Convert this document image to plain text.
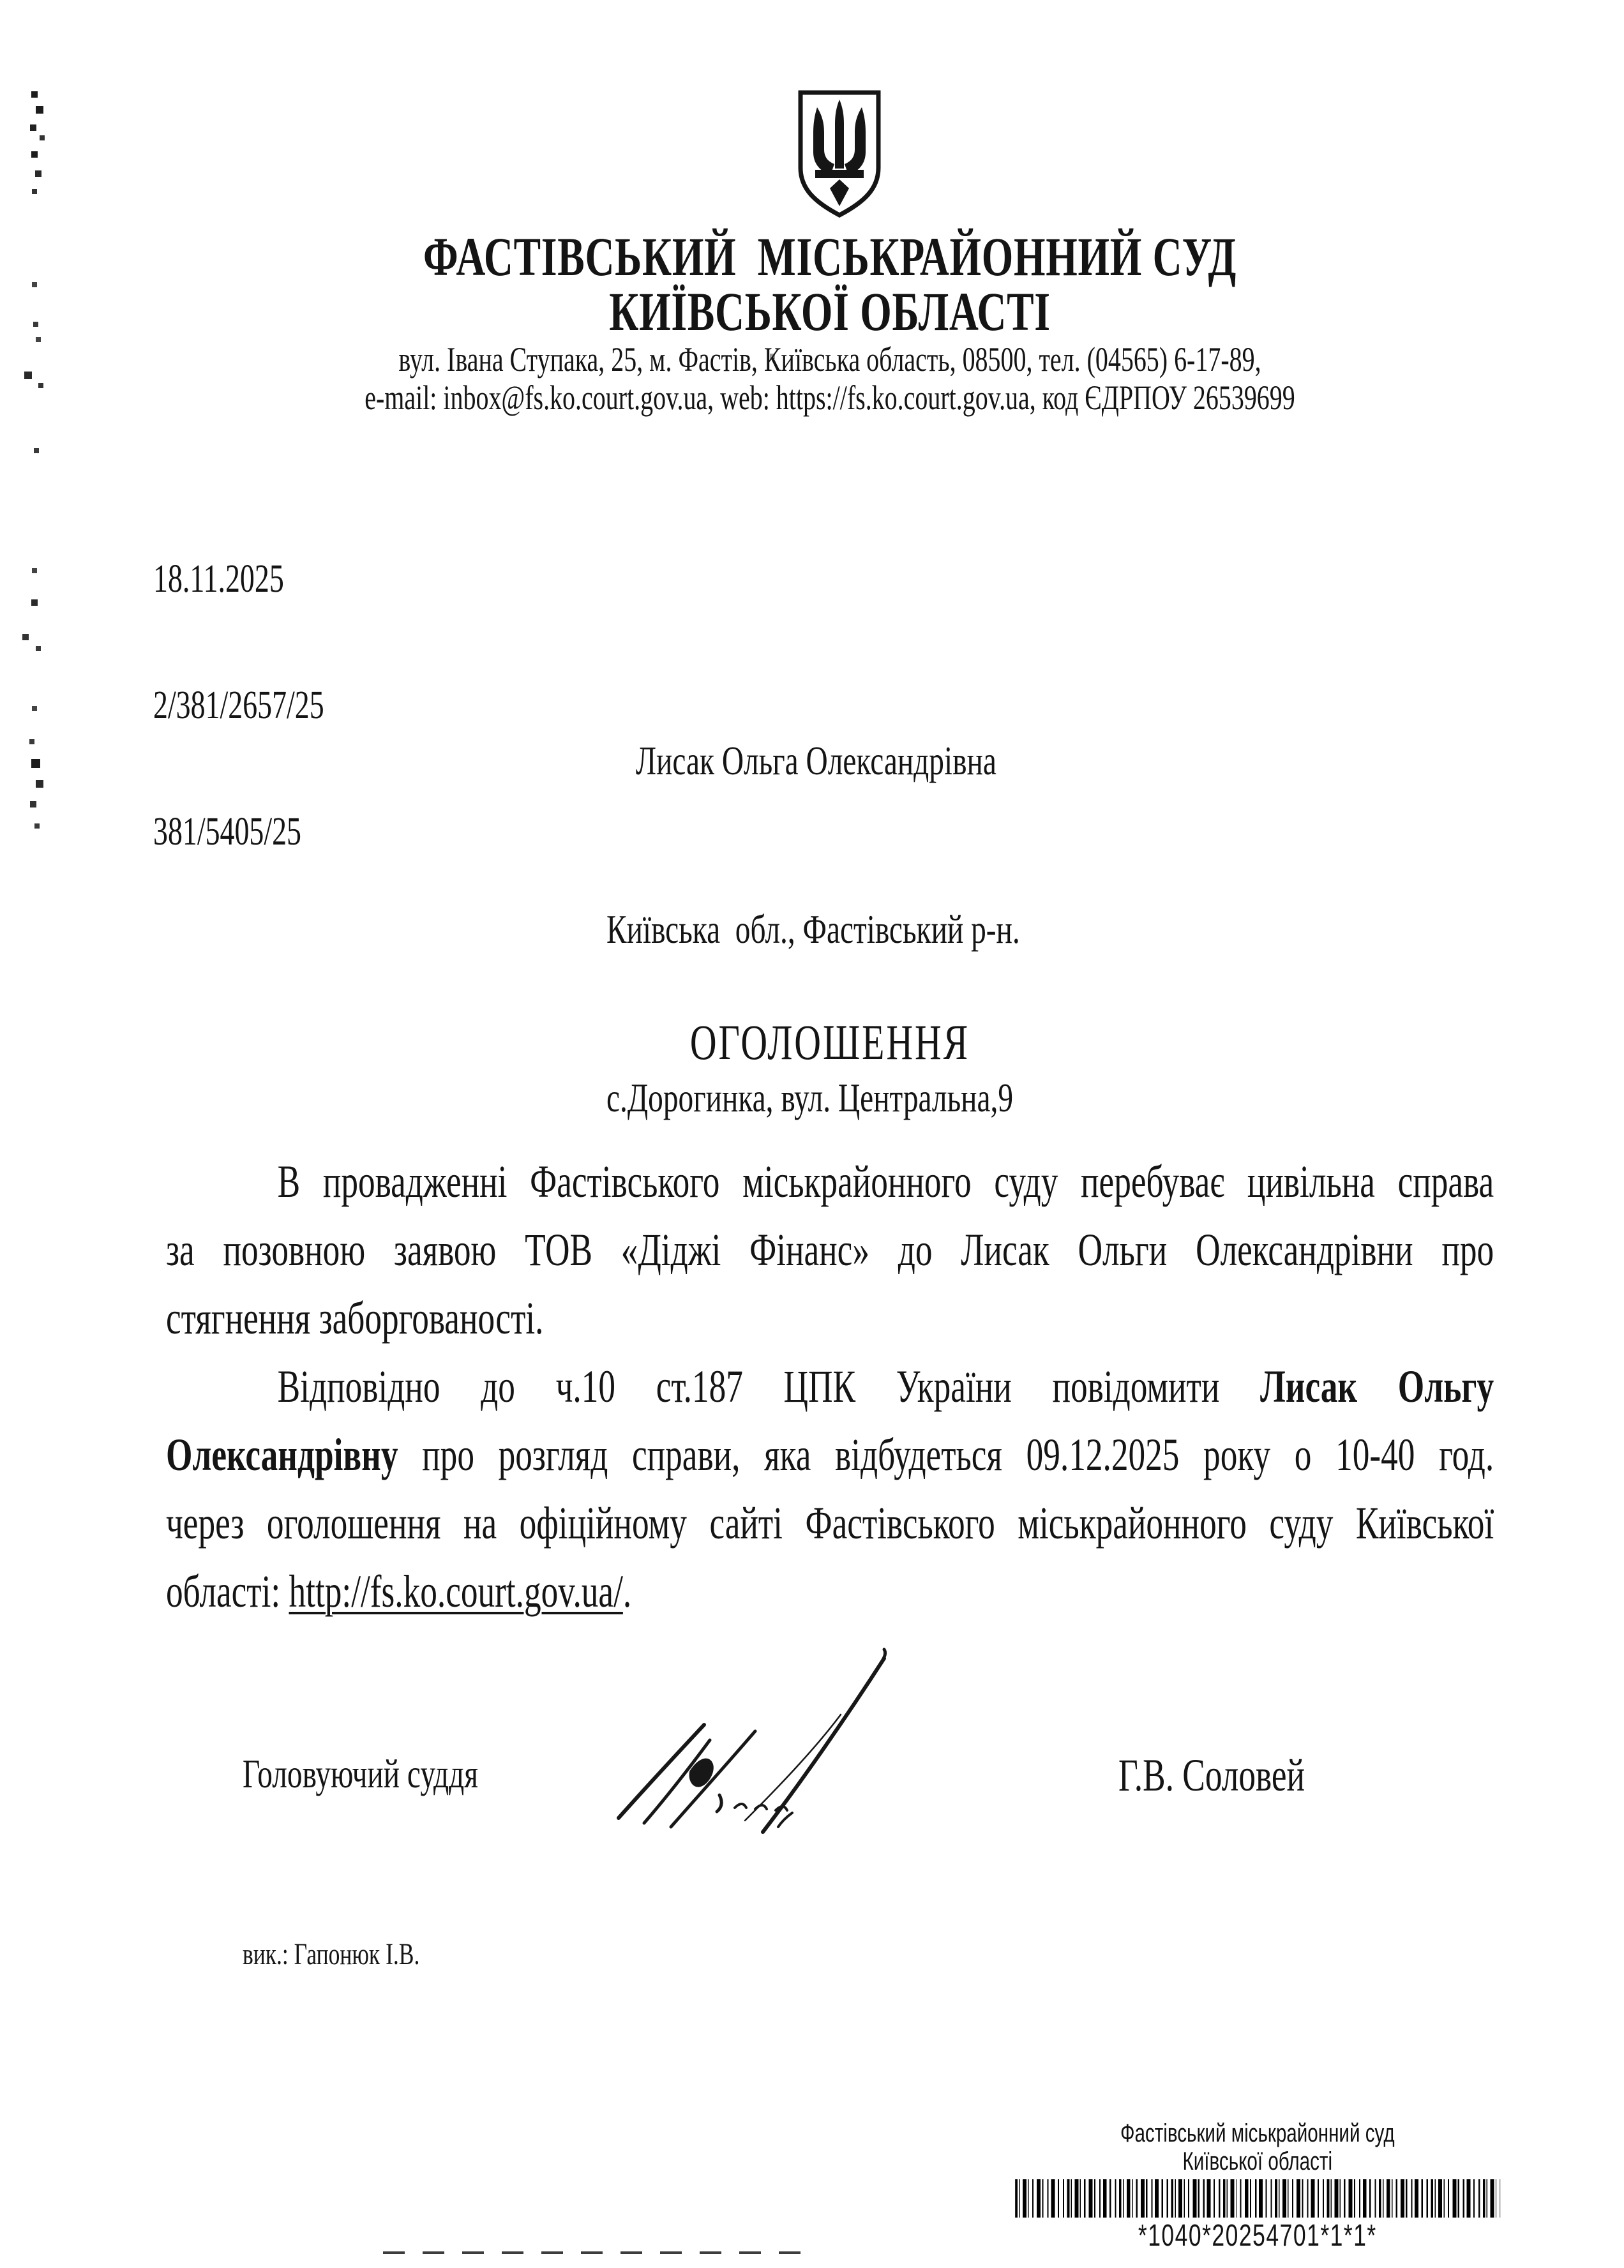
ФАСТІВСЬКИЙ  МІСЬКРАЙОННИЙ СУД
КИЇВСЬКОЇ ОБЛАСТІ
вул. Івана Ступака, 25, м. Фастів, Київська область, 08500, тел. (04565) 6-17-89,
e-mail: inbox@fs.ko.court.gov.ua, web: https://fs.ko.court.gov.ua, код ЄДРПОУ 26539699

18.11.2025

2/381/2657/25

381/5405/25

Лисак Ольга Олександрівна

Київська  обл., Фастівський р-н.

с.Дорогинка, вул. Центральна,9

ОГОЛОШЕННЯ
В провадженні Фастівського міськрайонного суду перебуває цивільна справа
за позовною заявою ТОВ «Діджі Фінанс» до Лисак Ольги Олександрівни про
стягнення заборгованості.
Відповідно до ч.10 ст.187 ЦПК України повідомити Лисак Ольгу
Олександрівну про розгляд справи, яка відбудеться 09.12.2025 року о 10-40 год.
через оголошення на офіційному сайті Фастівського міськрайонного суду Київської
області: http://fs.ko.court.gov.ua/.
Головуючий суддя	Г.В. Соловей
вик.: Гапонюк І.В.
Фастівський міськрайонний суд
Київської області
*1040*20254701*1*1*
